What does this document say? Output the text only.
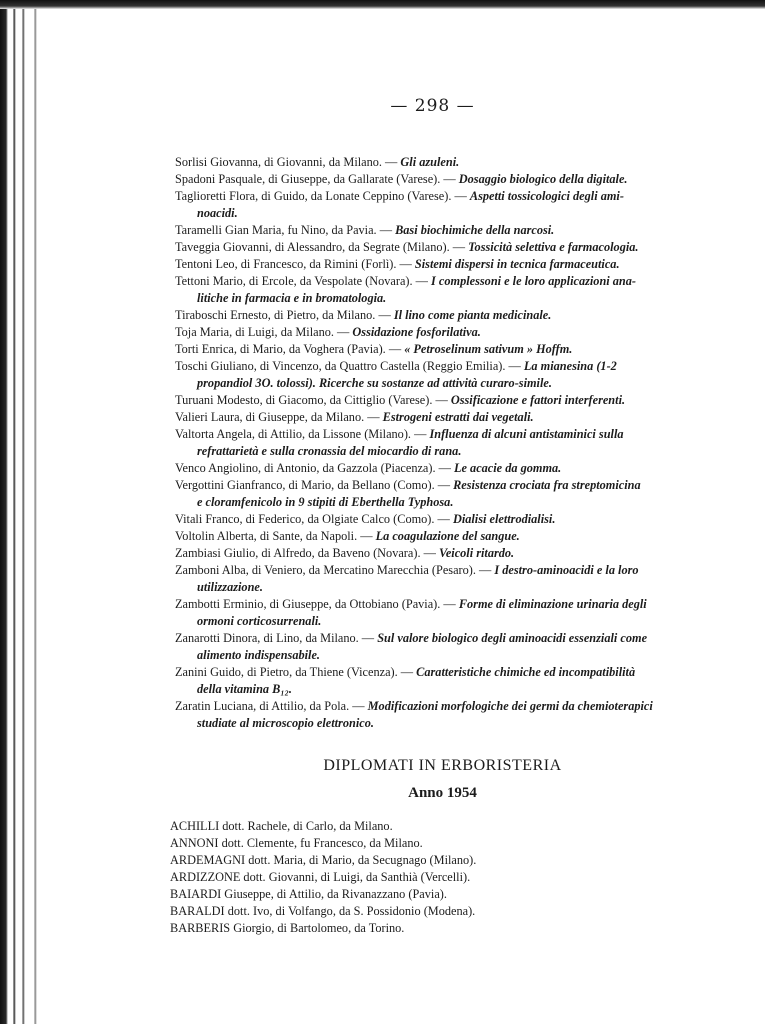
— 298 —
Sorlisi Giovanna, di Giovanni, da Milano. — Gli azuleni.
Spadoni Pasquale, di Giuseppe, da Gallarate (Varese). — Dosaggio biologico della digitale.
Taglioretti Flora, di Guido, da Lonate Ceppino (Varese). — Aspetti tossicologici degli ami-
noacidi.
Taramelli Gian Maria, fu Nino, da Pavia. — Basi biochimiche della narcosi.
Taveggia Giovanni, di Alessandro, da Segrate (Milano). — Tossicità selettiva e farmacologia.
Tentoni Leo, di Francesco, da Rimini (Forlì). — Sistemi dispersi in tecnica farmaceutica.
Tettoni Mario, di Ercole, da Vespolate (Novara). — I complessoni e le loro applicazioni ana-
litiche in farmacia e in bromatologia.
Tiraboschi Ernesto, di Pietro, da Milano. — Il lino come pianta medicinale.
Toja Maria, di Luigi, da Milano. — Ossidazione fosforilativa.
Torti Enrica, di Mario, da Voghera (Pavia). — « Petroselinum sativum » Hoffm.
Toschi Giuliano, di Vincenzo, da Quattro Castella (Reggio Emilia). — La mianesina (1-2
propandiol 3O. tolossi). Ricerche su sostanze ad attività curaro-simile.
Turuani Modesto, di Giacomo, da Cittiglio (Varese). — Ossificazione e fattori interferenti.
Valieri Laura, di Giuseppe, da Milano. — Estrogeni estratti dai vegetali.
Valtorta Angela, di Attilio, da Lissone (Milano). — Influenza di alcuni antistaminici sulla
refrattarietà e sulla cronassia del miocardio di rana.
Venco Angiolino, di Antonio, da Gazzola (Piacenza). — Le acacie da gomma.
Vergottini Gianfranco, di Mario, da Bellano (Como). — Resistenza crociata fra streptomicina
e cloramfenicolo in 9 stipiti di Eberthella Typhosa.
Vitali Franco, di Federico, da Olgiate Calco (Como). — Dialisi elettrodialisi.
Voltolin Alberta, di Sante, da Napoli. — La coagulazione del sangue.
Zambiasi Giulio, di Alfredo, da Baveno (Novara). — Veicoli ritardo.
Zamboni Alba, di Veniero, da Mercatino Marecchia (Pesaro). — I destro-aminoacidi e la loro
utilizzazione.
Zambotti Erminio, di Giuseppe, da Ottobiano (Pavia). — Forme di eliminazione urinaria degli
ormoni corticosurrenali.
Zanarotti Dinora, di Lino, da Milano. — Sul valore biologico degli aminoacidi essenziali come
alimento indispensabile.
Zanini Guido, di Pietro, da Thiene (Vicenza). — Caratteristiche chimiche ed incompatibilità
della vitamina B₁₂.
Zaratin Luciana, di Attilio, da Pola. — Modificazioni morfologiche dei germi da chemioterapici
studiate al microscopio elettronico.
DIPLOMATI IN ERBORISTERIA
Anno 1954
ACHILLI dott. Rachele, di Carlo, da Milano.
ANNONI dott. Clemente, fu Francesco, da Milano.
ARDEMAGNI dott. Maria, di Mario, da Secugnago (Milano).
ARDIZZONE dott. Giovanni, di Luigi, da Santhià (Vercelli).
BAIARDI Giuseppe, di Attilio, da Rivanazzano (Pavia).
BARALDI dott. Ivo, di Volfango, da S. Possidonio (Modena).
BARBERIS Giorgio, di Bartolomeo, da Torino.
